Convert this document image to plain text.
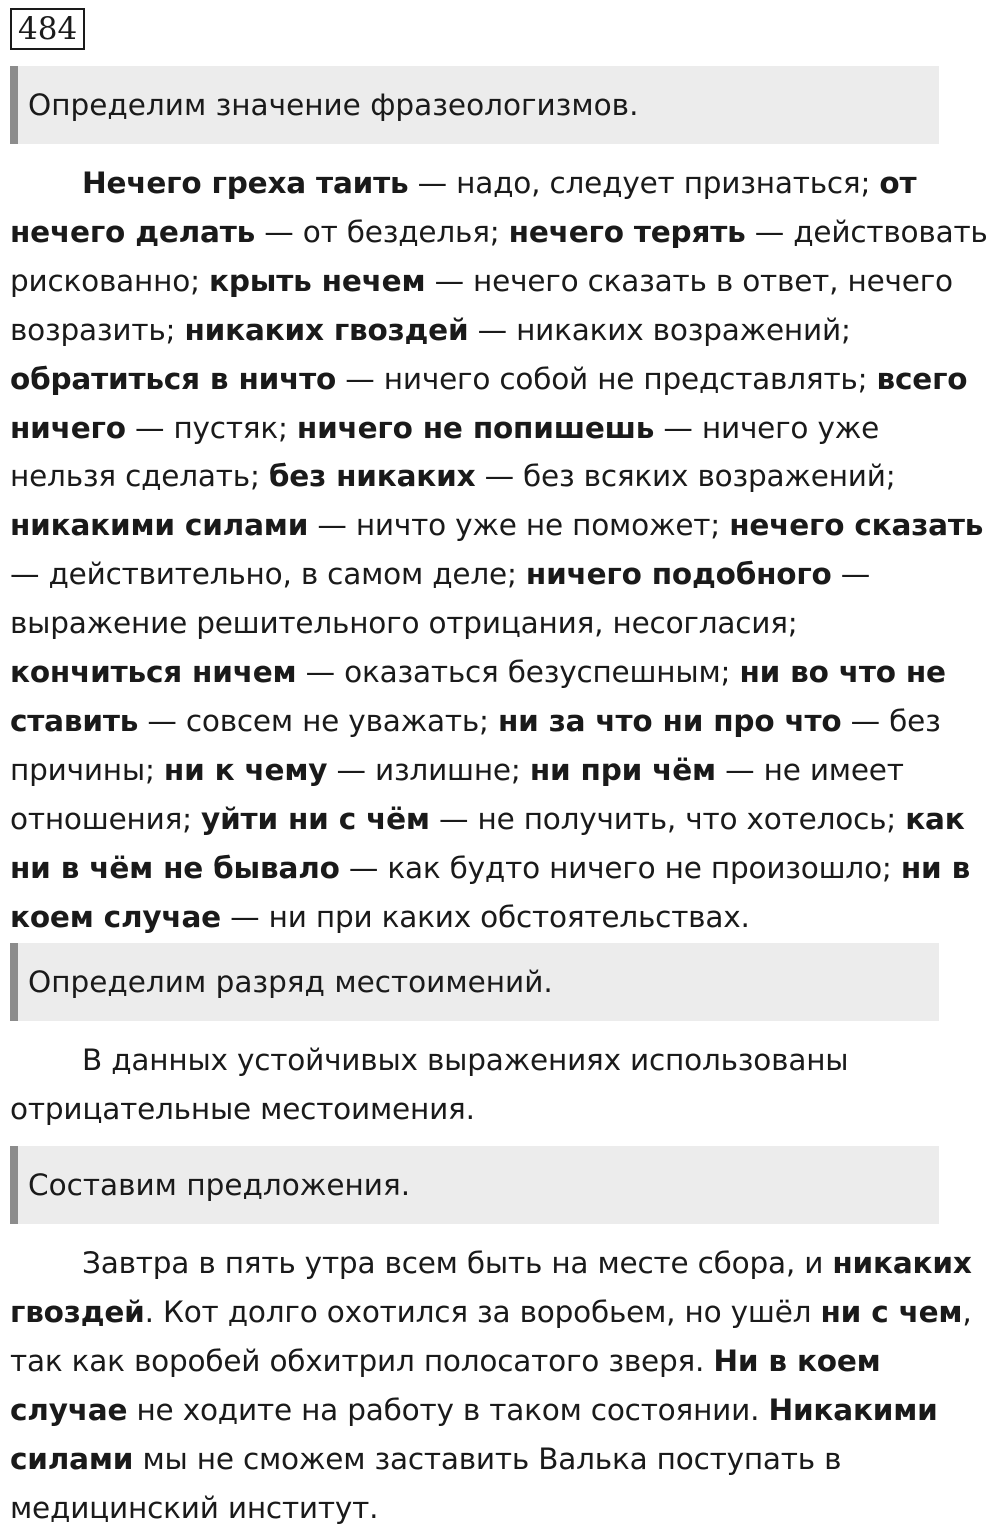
484
Определим значение фразеологизмов.
Нечего греха таить — надо, следует признаться; от
нечего делать — от безделья; нечего терять — действовать
рискованно; крыть нечем — нечего сказать в ответ, нечего
возразить; никаких гвоздей — никаких возражений;
обратиться в ничто — ничего собой не представлять; всего
ничего — пустяк; ничего не попишешь — ничего уже
нельзя сделать; без никаких — без всяких возражений;
никакими силами — ничто уже не поможет; нечего сказать
— действительно, в самом деле; ничего подобного —
выражение решительного отрицания, несогласия;
кончиться ничем — оказаться безуспешным; ни во что не
ставить — совсем не уважать; ни за что ни про что — без
причины; ни к чему — излишне; ни при чём — не имеет
отношения; уйти ни с чём — не получить, что хотелось; как
ни в чём не бывало — как будто ничего не произошло; ни в
коем случае — ни при каких обстоятельствах.
Определим разряд местоимений.
В данных устойчивых выражениях использованы
отрицательные местоимения.
Составим предложения.
Завтра в пять утра всем быть на месте сбора, и никаких
гвоздей. Кот долго охотился за воробьем, но ушёл ни с чем,
так как воробей обхитрил полосатого зверя. Ни в коем
случае не ходите на работу в таком состоянии. Никакими
силами мы не сможем заставить Валька поступать в
медицинский институт.
